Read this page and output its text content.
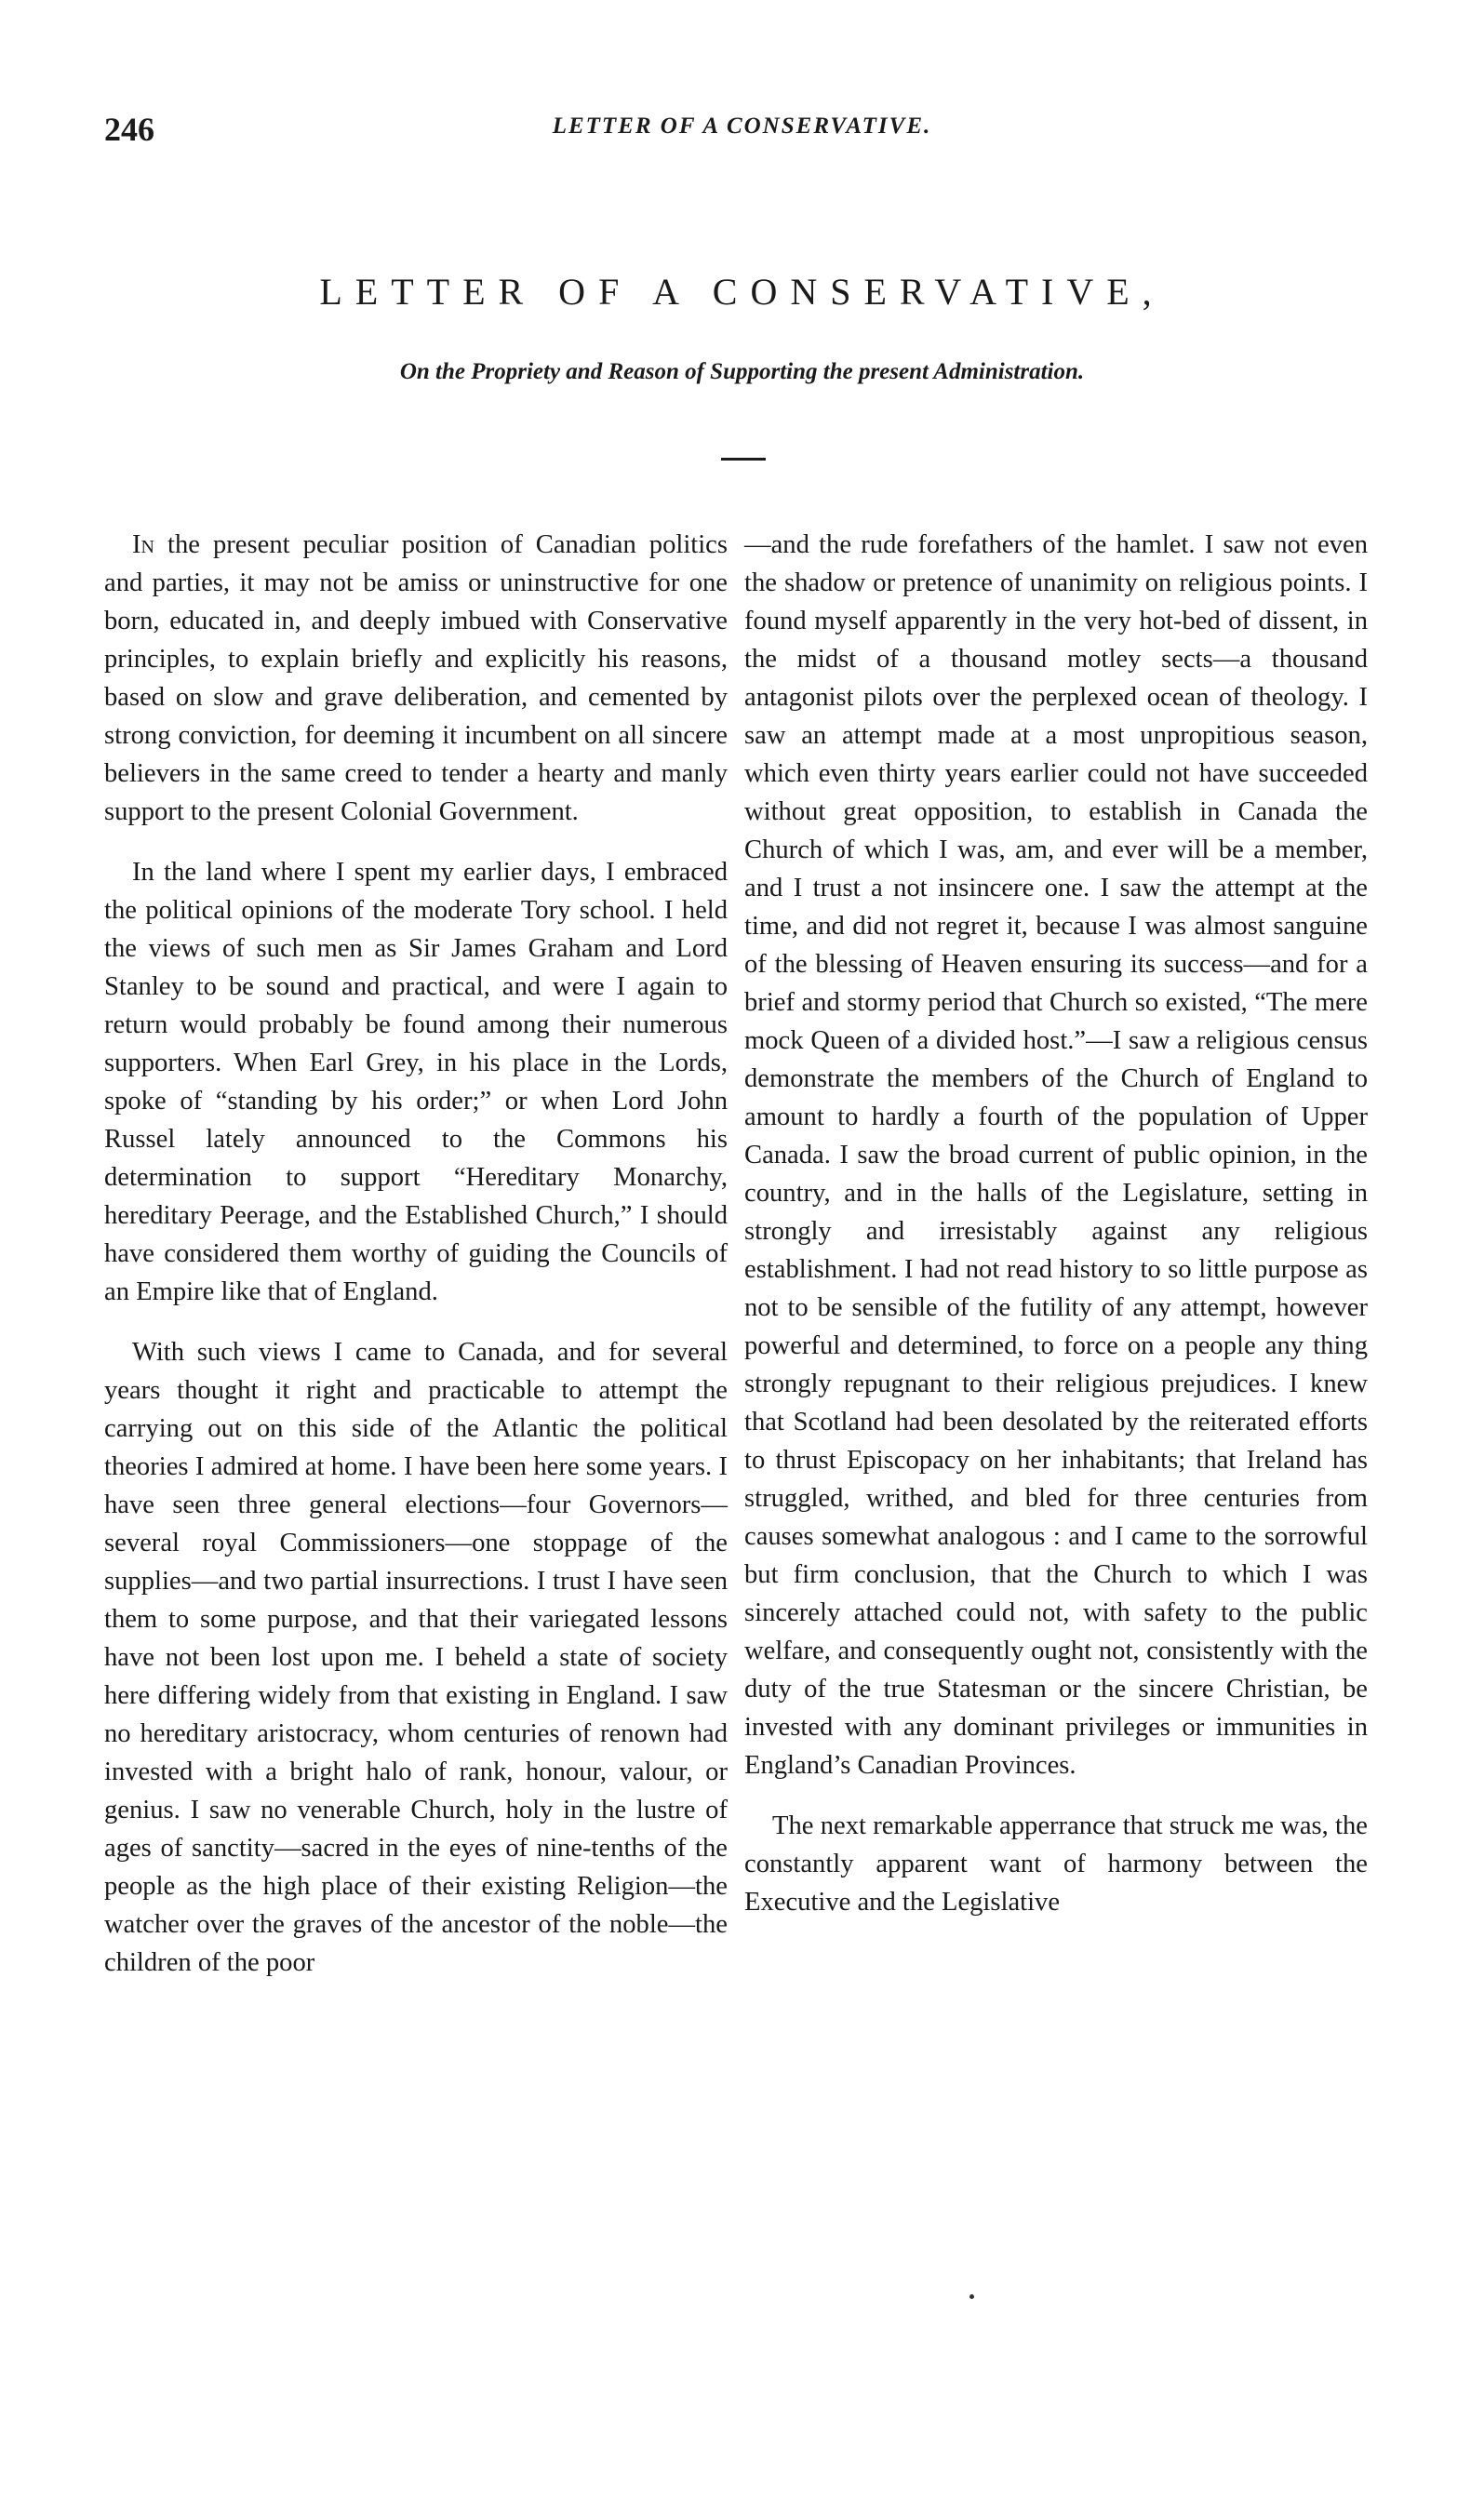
246	LETTER OF A CONSERVATIVE.
LETTER OF A CONSERVATIVE,
On the Propriety and Reason of Supporting the present Administration.

In the present peculiar position of Canadian politics and parties, it may not be amiss or uninstructive for one born, educated in, and deeply imbued with Conservative principles, to explain briefly and explicitly his reasons, based on slow and grave deliberation, and cemented by strong conviction, for deeming it incumbent on all sincere believers in the same creed to tender a hearty and manly support to the present Colonial Government.

In the land where I spent my earlier days, I embraced the political opinions of the moderate Tory school. I held the views of such men as Sir James Graham and Lord Stanley to be sound and practical, and were I again to return would probably be found among their numerous supporters. When Earl Grey, in his place in the Lords, spoke of “standing by his order;” or when Lord John Russel lately announced to the Commons his determination to support “Hereditary Monarchy, hereditary Peerage, and the Established Church,” I should have considered them worthy of guiding the Councils of an Empire like that of England.

With such views I came to Canada, and for several years thought it right and practicable to attempt the carrying out on this side of the Atlantic the political theories I admired at home. I have been here some years. I have seen three general elections—four Governors—several royal Commissioners—one stoppage of the supplies—and two partial insurrections. I trust I have seen them to some purpose, and that their variegated lessons have not been lost upon me. I beheld a state of society here differing widely from that existing in England. I saw no hereditary aristocracy, whom centuries of renown had invested with a bright halo of rank, honour, valour, or genius. I saw no venerable Church, holy in the lustre of ages of sanctity—sacred in the eyes of nine-tenths of the people as the high place of their existing Religion—the watcher over the graves of the ancestor of the noble—the children of the poor

—and the rude forefathers of the hamlet. I saw not even the shadow or pretence of unanimity on religious points. I found myself apparently in the very hot-bed of dissent, in the midst of a thousand motley sects—a thousand antagonist pilots over the perplexed ocean of theology. I saw an attempt made at a most unpropitious season, which even thirty years earlier could not have succeeded without great opposition, to establish in Canada the Church of which I was, am, and ever will be a member, and I trust a not insincere one. I saw the attempt at the time, and did not regret it, because I was almost sanguine of the blessing of Heaven ensuring its success—and for a brief and stormy period that Church so existed, “The mere mock Queen of a divided host.”—I saw a religious census demonstrate the members of the Church of England to amount to hardly a fourth of the population of Upper Canada. I saw the broad current of public opinion, in the country, and in the halls of the Legislature, setting in strongly and irresistably against any religious establishment. I had not read history to so little purpose as not to be sensible of the futility of any attempt, however powerful and determined, to force on a people any thing strongly repugnant to their religious prejudices. I knew that Scotland had been desolated by the reiterated efforts to thrust Episcopacy on her inhabitants; that Ireland has struggled, writhed, and bled for three centuries from causes somewhat analogous : and I came to the sorrowful but firm conclusion, that the Church to which I was sincerely attached could not, with safety to the public welfare, and consequently ought not, consistently with the duty of the true Statesman or the sincere Christian, be invested with any dominant privileges or immunities in England’s Canadian Provinces.

The next remarkable apperrance that struck me was, the constantly apparent want of harmony between the Executive and the Legislative
